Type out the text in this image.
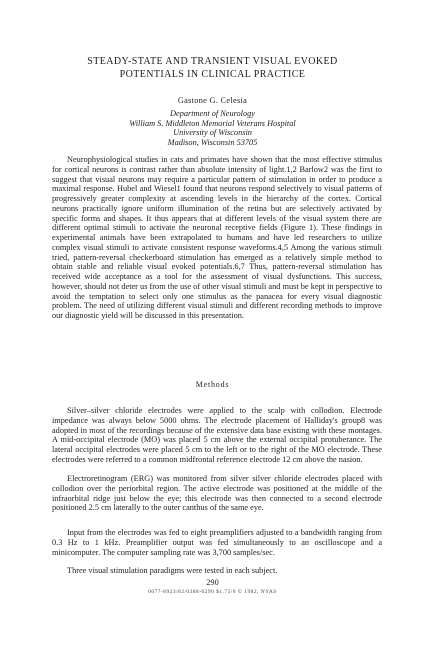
STEADY-STATE AND TRANSIENT VISUAL EVOKED
POTENTIALS IN CLINICAL PRACTICE
Gastone G. Celesia
Department of Neurology
William S. Middleton Memorial Veterans Hospital
University of Wisconsin
Madison, Wisconsin 53705

Neurophysiological studies in cats and primates have shown that the most effective stimulus for cortical neurons is contrast rather than absolute intensity of light.1,2 Barlow2 was the first to suggest that visual neurons may require a particular pattern of stimulation in order to produce a maximal response. Hubel and Wiesel1 found that neurons respond selectively to visual patterns of progressively greater complexity at ascending levels in the hierarchy of the cortex. Cortical neurons practically ignore uniform illumination of the retina but are selectively activated by specific forms and shapes. It thus appears that at different levels of the visual system there are different optimal stimuli to activate the neuronal receptive fields (Figure 1). These findings in experimental animals have been extrapolated to humans and have led researchers to utilize complex visual stimuli to activate consistent response waveforms.4,5 Among the various stimuli tried, pattern-reversal checkerboard stimulation has emerged as a relatively simple method to obtain stable and reliable visual evoked potentials.6,7 Thus, pattern-reversal stimulation has received wide acceptance as a tool for the assessment of visual dysfunctions. This success, however, should not deter us from the use of other visual stimuli and must be kept in perspective to avoid the temptation to select only one stimulus as the panacea for every visual diagnostic problem. The need of utilizing different visual stimuli and different recording methods to improve our diagnostic yield will be discussed in this presentation.

Methods

Silver–silver chloride electrodes were applied to the scalp with collodion. Electrode impedance was always below 5000 ohms. The electrode placement of Halliday's group8 was adopted in most of the recordings because of the extensive data base existing with these montages. A mid-occipital electrode (MO) was placed 5 cm above the external occipital protuberance. The lateral occipital electrodes were placed 5 cm to the left or to the right of the MO electrode. These electrodes were referred to a common midfrontal reference electrode 12 cm above the nasion.

Electroretinogram (ERG) was monitored from silver silver chloride electrodes placed with collodion over the periorbital region. The active electrode was positioned at the middle of the infraorbital ridge just below the eye; this electrode was then connected to a second electrode positioned 2.5 cm laterally to the outer canthus of the same eye.

Input from the electrodes was fed to eight preamplifiers adjusted to a bandwidth ranging from 0.3 Hz to 1 kHz. Preamplifier output was fed simultaneously to an oscilloscope and a minicomputer. The computer sampling rate was 3,700 samples/sec.

Three visual stimulation paradigms were tested in each subject.

290
0077-8923/82/0388-0290 $1.75/0 © 1982, NYAS
